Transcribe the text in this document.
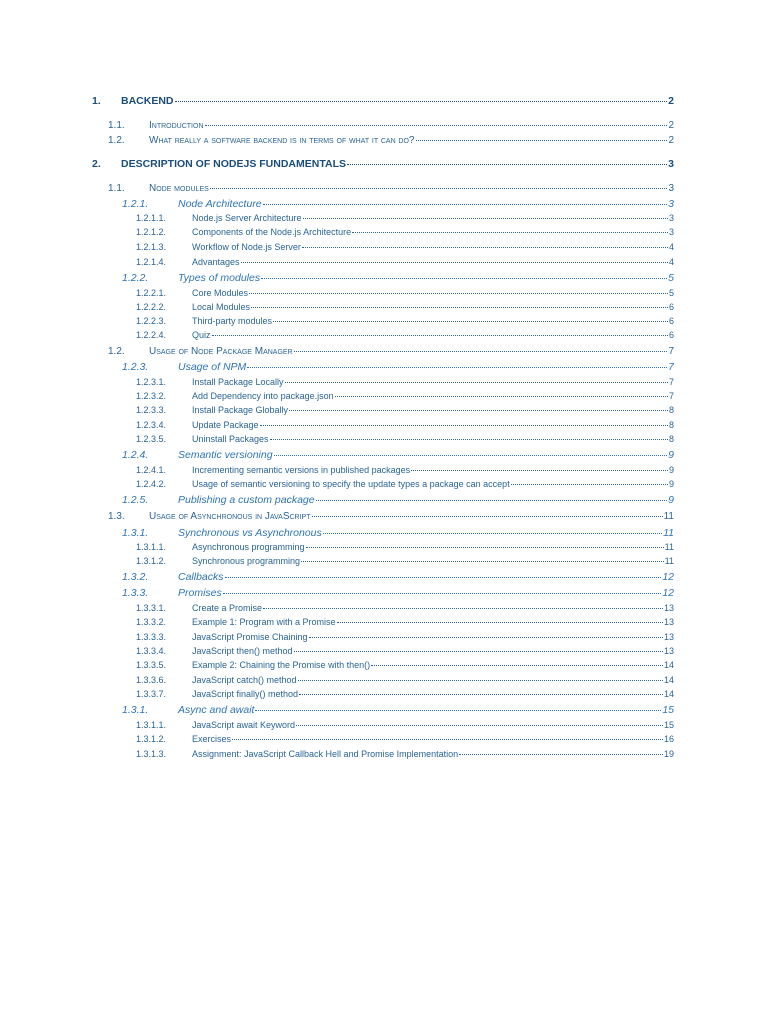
1.	BACKEND	2
1.1.	Introduction	2
1.2.	What really a software backend is in terms of what it can do?	2
2.	DESCRIPTION OF NODEJS FUNDAMENTALS	3
1.1.	Node modules	3
1.2.1.	Node Architecture	3
1.2.1.1.	Node.js Server Architecture	3
1.2.1.2.	Components of the Node.js Architecture	3
1.2.1.3.	Workflow of Node.js Server	4
1.2.1.4.	Advantages	4
1.2.2.	Types of modules	5
1.2.2.1.	Core Modules	5
1.2.2.2.	Local Modules	6
1.2.2.3.	Third-party modules	6
1.2.2.4.	Quiz	6
1.2.	Usage of Node Package Manager	7
1.2.3.	Usage of NPM	7
1.2.3.1.	Install Package Locally	7
1.2.3.2.	Add Dependency into package.json	7
1.2.3.3.	Install Package Globally	8
1.2.3.4.	Update Package	8
1.2.3.5.	Uninstall Packages	8
1.2.4.	Semantic versioning	9
1.2.4.1.	Incrementing semantic versions in published packages	9
1.2.4.2.	Usage of semantic versioning to specify the update types a package can accept	9
1.2.5.	Publishing a custom package	9
1.3.	Usage of Asynchronous in JavaScript	11
1.3.1.	Synchronous vs Asynchronous	11
1.3.1.1.	Asynchronous programming	11
1.3.1.2.	Synchronous programming	11
1.3.2.	Callbacks	12
1.3.3.	Promises	12
1.3.3.1.	Create a Promise	13
1.3.3.2.	Example 1: Program with a Promise	13
1.3.3.3.	JavaScript Promise Chaining	13
1.3.3.4.	JavaScript then() method	13
1.3.3.5.	Example 2: Chaining the Promise with then()	14
1.3.3.6.	JavaScript catch() method	14
1.3.3.7.	JavaScript finally() method	14
1.3.1.	Async and await	15
1.3.1.1.	JavaScript await Keyword	15
1.3.1.2.	Exercises	16
1.3.1.3.	Assignment: JavaScript Callback Hell and Promise Implementation	19
